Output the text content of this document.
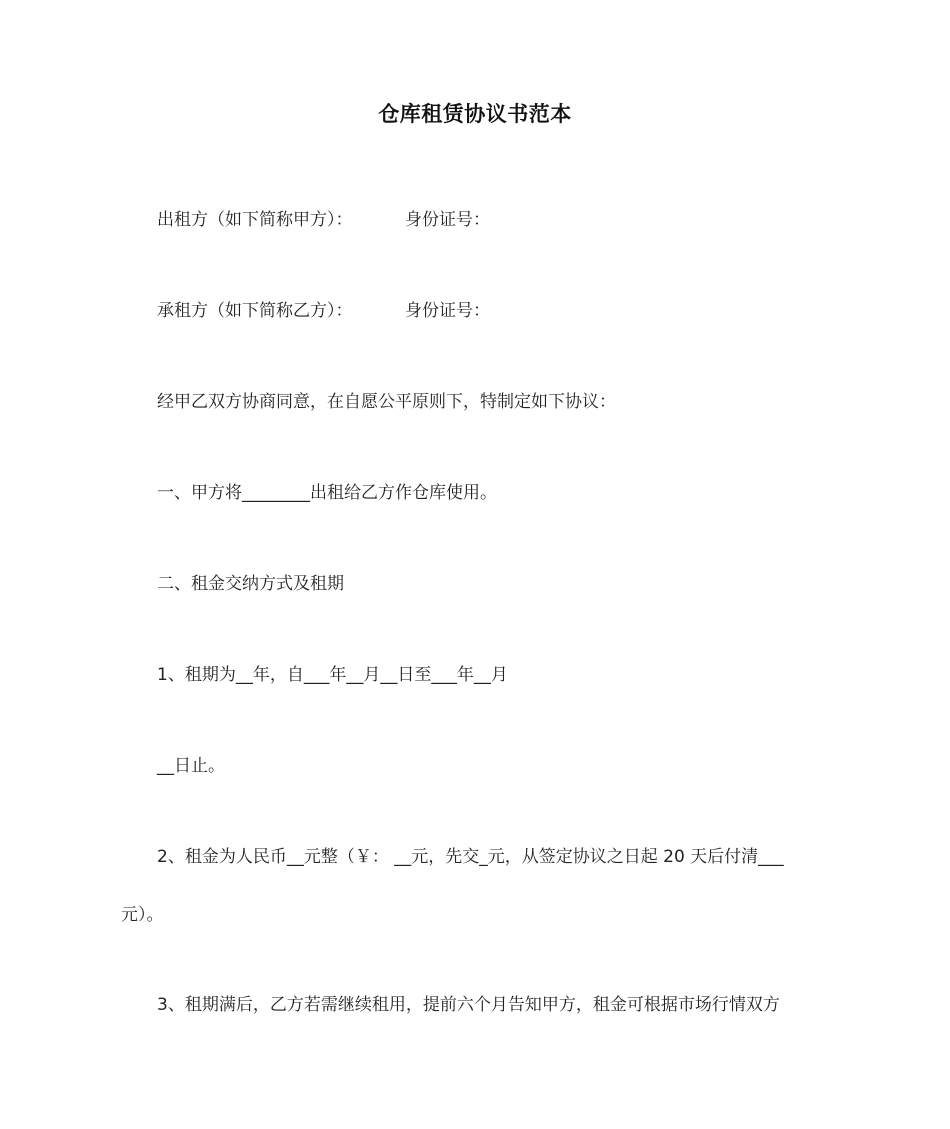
仓库租赁协议书范本
出租方（如下简称甲方）：	身份证号：
承租方（如下简称乙方）：	身份证号：
经甲乙双方协商同意，在自愿公平原则下，特制定如下协议：
一、甲方将________出租给乙方作仓库使用。
二、租金交纳方式及租期
1、租期为__年，自___年__月__日至___年__月
__日止。
2、租金为人民币__元整（￥： __元，先交_元，从签定协议之日起 20 天后付清___
元）。
3、租期满后，乙方若需继续租用，提前六个月告知甲方，租金可根据市场行情双方
